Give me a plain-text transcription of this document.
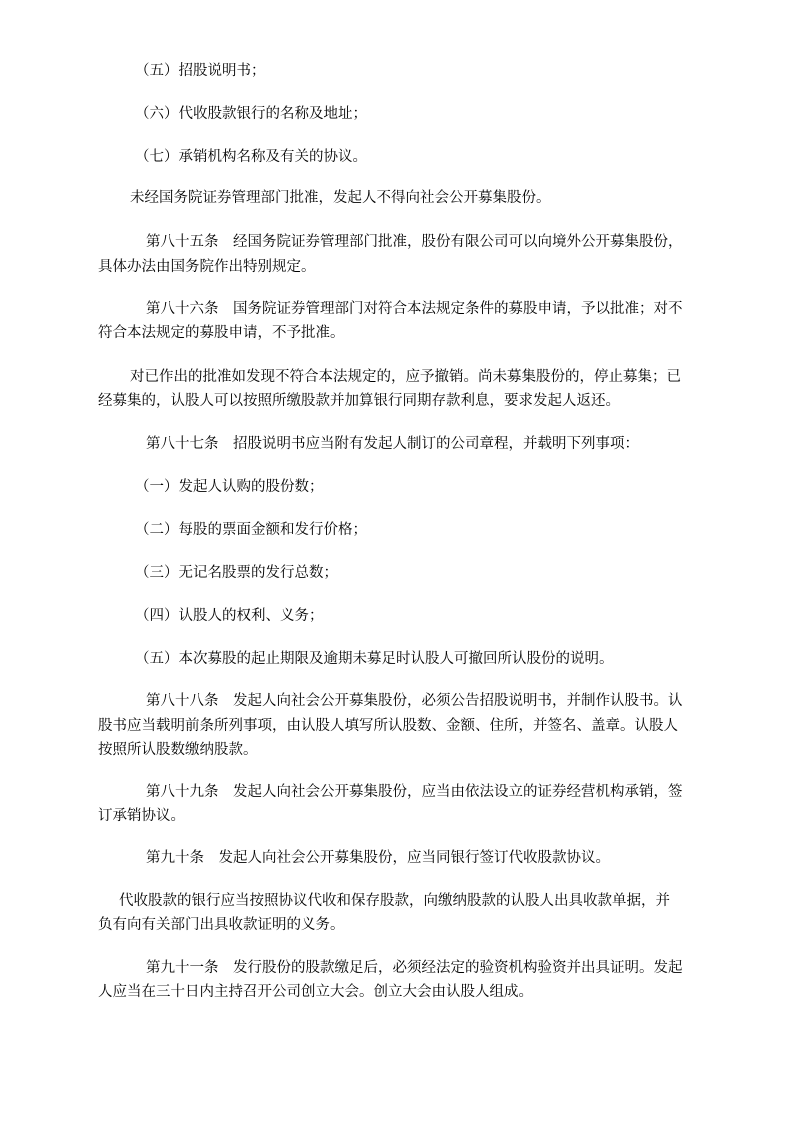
（五）招股说明书；

（六）代收股款银行的名称及地址；

（七）承销机构名称及有关的协议。

未经国务院证券管理部门批准，发起人不得向社会公开募集股份。

第八十五条　经国务院证券管理部门批准，股份有限公司可以向境外公开募集股份，

具体办法由国务院作出特别规定。

第八十六条　国务院证券管理部门对符合本法规定条件的募股申请，予以批准；对不

符合本法规定的募股申请，不予批准。

对已作出的批准如发现不符合本法规定的，应予撤销。尚未募集股份的，停止募集；已

经募集的，认股人可以按照所缴股款并加算银行同期存款利息，要求发起人返还。

第八十七条　招股说明书应当附有发起人制订的公司章程，并载明下列事项：

（一）发起人认购的股份数；

（二）每股的票面金额和发行价格；

（三）无记名股票的发行总数；

（四）认股人的权利、义务；

（五）本次募股的起止期限及逾期未募足时认股人可撤回所认股份的说明。

第八十八条　发起人向社会公开募集股份，必须公告招股说明书，并制作认股书。认

股书应当载明前条所列事项，由认股人填写所认股数、金额、住所，并签名、盖章。认股人

按照所认股数缴纳股款。

第八十九条　发起人向社会公开募集股份，应当由依法设立的证券经营机构承销，签

订承销协议。

第九十条　发起人向社会公开募集股份，应当同银行签订代收股款协议。

代收股款的银行应当按照协议代收和保存股款，向缴纳股款的认股人出具收款单据，并

负有向有关部门出具收款证明的义务。

第九十一条　发行股份的股款缴足后，必须经法定的验资机构验资并出具证明。发起

人应当在三十日内主持召开公司创立大会。创立大会由认股人组成。
